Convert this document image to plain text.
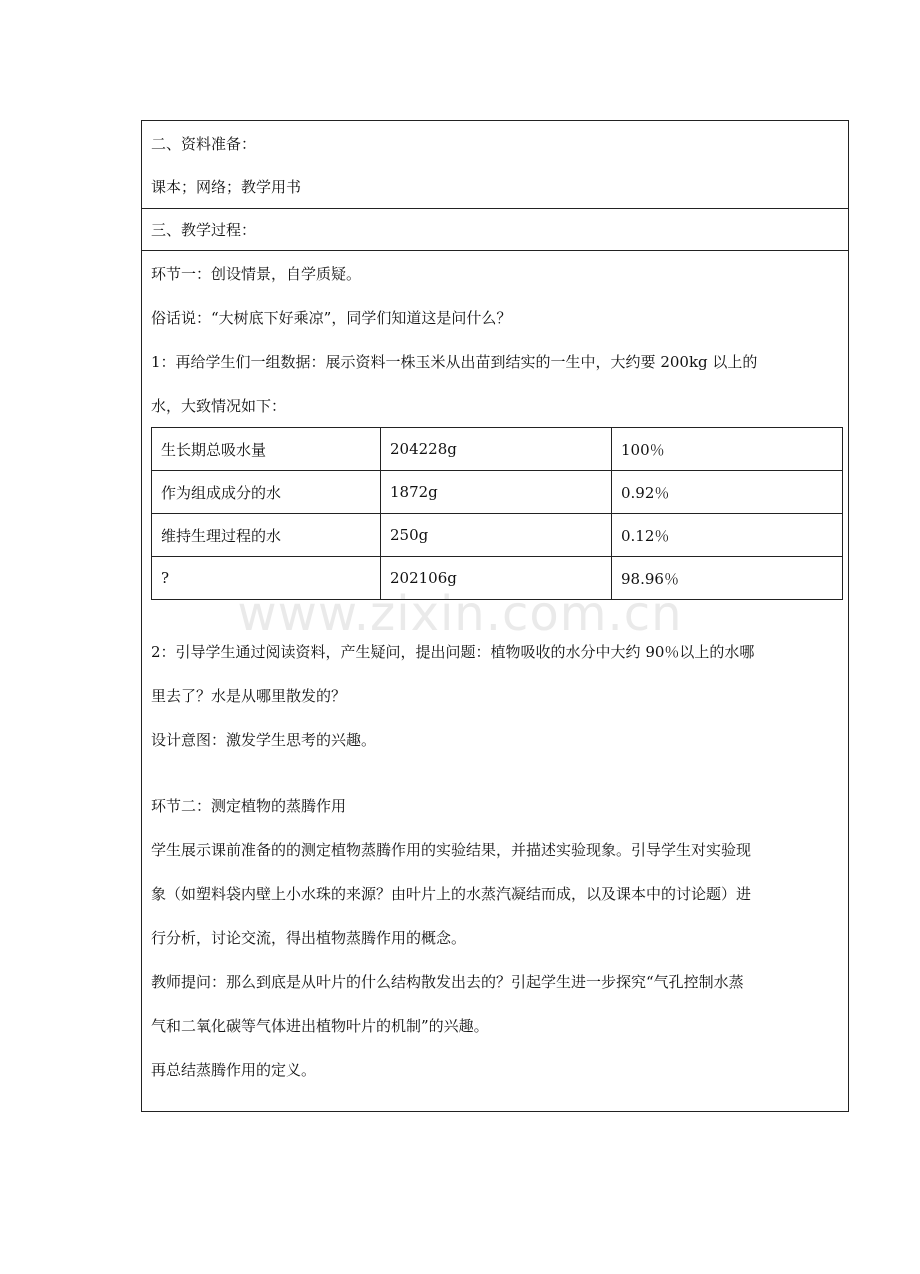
二、资料准备：
课本；网络；教学用书
三、教学过程：
环节一：创设情景，自学质疑。
俗话说：“大树底下好乘凉”，同学们知道这是问什么？
1：再给学生们一组数据：展示资料一株玉米从出苗到结实的一生中，大约要 200kg 以上的
水，大致情况如下：
生长期总吸水量	204228g	100％
作为组成成分的水	1872g	0.92％
维持生理过程的水	250g	0.12％
?	202106g	98.96％
2：引导学生通过阅读资料，产生疑问，提出问题：植物吸收的水分中大约 90％以上的水哪
里去了？水是从哪里散发的？
设计意图：激发学生思考的兴趣。
环节二：测定植物的蒸腾作用
学生展示课前准备的的测定植物蒸腾作用的实验结果，并描述实验现象。引导学生对实验现
象（如塑料袋内壁上小水珠的来源？由叶片上的水蒸汽凝结而成，以及课本中的讨论题）进
行分析，讨论交流，得出植物蒸腾作用的概念。
教师提问：那么到底是从叶片的什么结构散发出去的？引起学生进一步探究“气孔控制水蒸
气和二氧化碳等气体进出植物叶片的机制”的兴趣。
再总结蒸腾作用的定义。
www.zixin.com.cn
